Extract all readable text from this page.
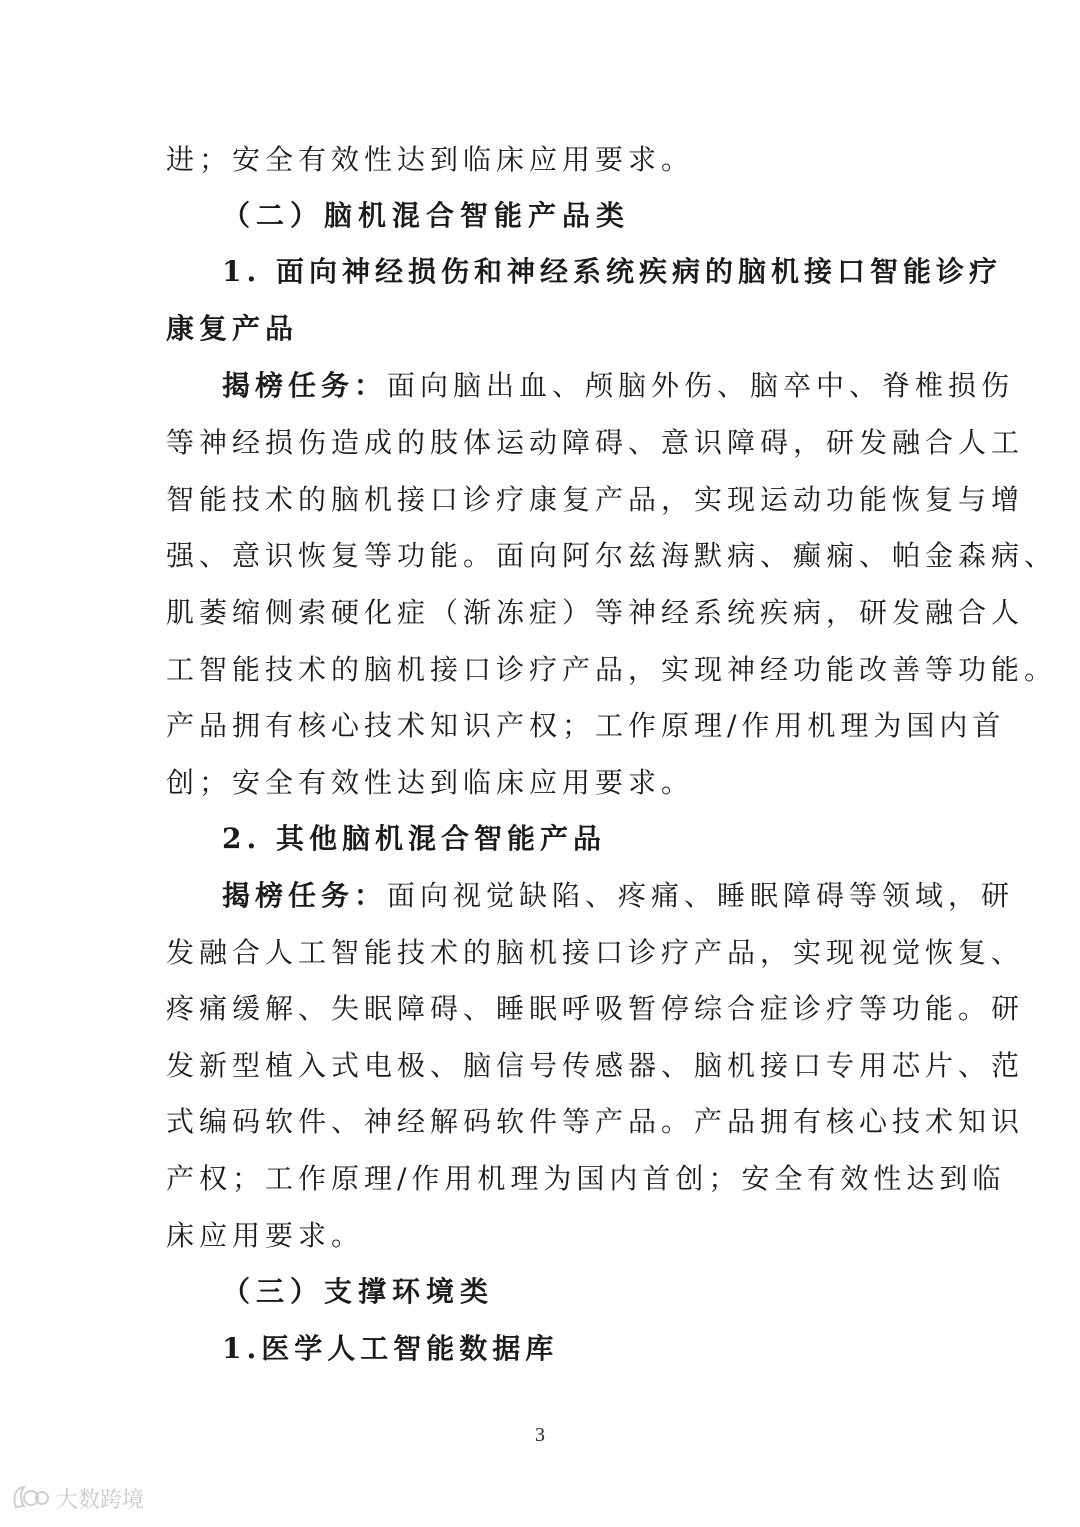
进；安全有效性达到临床应用要求。
（二）脑机混合智能产品类
1. 面向神经损伤和神经系统疾病的脑机接口智能诊疗
康复产品
揭榜任务：面向脑出血、颅脑外伤、脑卒中、脊椎损伤
等神经损伤造成的肢体运动障碍、意识障碍，研发融合人工
智能技术的脑机接口诊疗康复产品，实现运动功能恢复与增
强、意识恢复等功能。面向阿尔兹海默病、癫痫、帕金森病、
肌萎缩侧索硬化症（渐冻症）等神经系统疾病，研发融合人
工智能技术的脑机接口诊疗产品，实现神经功能改善等功能。
产品拥有核心技术知识产权；工作原理/作用机理为国内首
创；安全有效性达到临床应用要求。
2. 其他脑机混合智能产品
揭榜任务：面向视觉缺陷、疼痛、睡眠障碍等领域，研
发融合人工智能技术的脑机接口诊疗产品，实现视觉恢复、
疼痛缓解、失眠障碍、睡眠呼吸暂停综合症诊疗等功能。研
发新型植入式电极、脑信号传感器、脑机接口专用芯片、范
式编码软件、神经解码软件等产品。产品拥有核心技术知识
产权；工作原理/作用机理为国内首创；安全有效性达到临
床应用要求。
（三）支撑环境类
1.医学人工智能数据库
3
大数跨境
